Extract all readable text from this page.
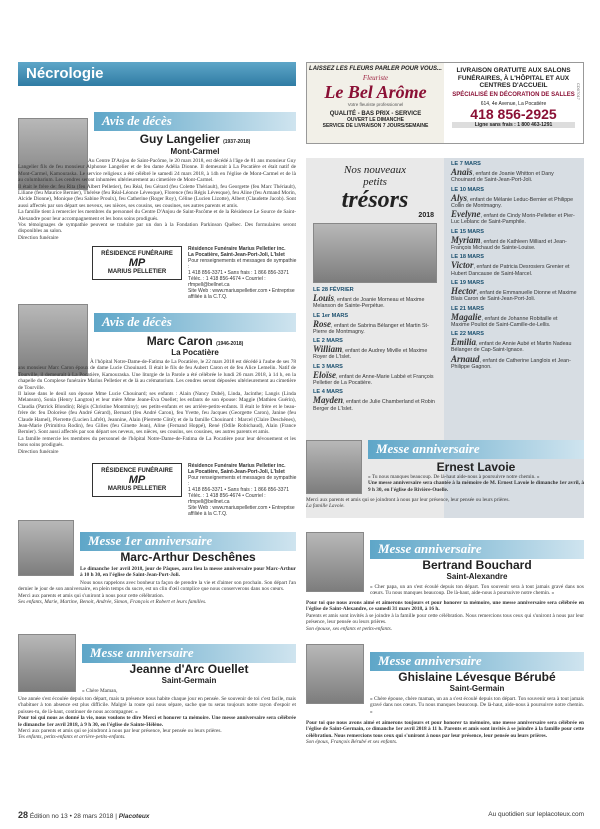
Nécrologie	LAISSEZ LES FLEURS PARLER POUR VOUS...
Fleuriste
Le Bel Arôme
Votre fleuriste professionnel
QUALITÉ - BAS PRIX - SERVICE
OUVERT LE DIMANCHE
SERVICE DE LIVRAISON 7 JOURS/SEMAINE
LIVRAISON GRATUITE AUX SALONS FUNÉRAIRES, À L'HÔPITAL ET AUX CENTRES D'ACCUEIL
SPÉCIALISÉ EN DÉCORATION DE SALLES
614, 4e Avenue, La Pocatière
418 856-2925
Ligne sans frais : 1 800 463-1291
CD07017
Avis de décès
Guy Langelier (1937-2018)
Mont-Carmel

Au Centre D'Anjou de Saint-Pacôme, le 20 mars 2018, est décédé à l'âge de 81 ans monsieur Guy Langelier fils de feu monsieur Alphonse Langelier et de feu dame Adélia Dionne. Il demeurait à La Pocatière et était natif de Mont-Carmel, Kamouraska. Le service religieux a été célébré le samedi 24 mars 2018, à 14h en l'église de Mont-Carmel et de là au columbarium. Les cendres seront inhumées ultérieurement au cimetière de Mont-Carmel.

Il était le frère de: feu Rita (feu Albert Pelletier), feu Réal, feu Gérard (feu Colette Thériault), feu Georgette (feu Marc Thériault), Liliane (feu Maurice Bernier), Thérèse (feu Réal-Léonce Lévesque), Florence (feu Régis Lévesque), feu Aline (feu Armand Morin, Alcide Dionne), Monique (feu Sabine Proulx), feu Catherine (Roger Roy), Céline (Lucien Lizotte), Albert (Claudette Jacob). Sont aussi affectés par son départ ses neveux, ses nièces, ses cousins, ses cousines, ses autres parents et amis.

La famille tient à remercier les membres du personnel du Centre D'Anjou de Saint-Pacôme et de la Résidence Le Source de Saint-Alexandre pour leur accompagnement et les bons soins prodigués.

Vos témoignages de sympathie peuvent se traduire par un don à la Fondation Parkinson Québec. Des formulaires seront disponibles au salon.

Direction funéraire

RÉSIDENCE FUNÉRAIRE
MP
MARIUS PELLETIER
Résidence Funéraire Marius Pelletier inc.
La Pocatière, Saint-Jean-Port-Joli, L'Islet
Pour renseignements et messages de sympathie :
1 418 856-3371 • Sans frais : 1 866 856-3371
Téléc. : 1 418 856-4674 • Courriel : rfmpell@bellnet.ca
Site Web : www.mariuspelletier.com • Entreprise affiliée à la C.T.Q.
Avis de décès
Marc Caron (1946-2018)
La Pocatière

À l'hôpital Notre-Dame-de-Fatima de La Pocatière, le 22 mars 2018 est décédé à l'aube de ses 78 ans monsieur Marc Caron époux de dame Lucie Chouinard. Il était le fils de feu Aubert Caron et de feu Alice Lemelin. Natif de Tourville, il demeurait à La Pocatière, Kamouraska. Une liturgie de la Parole a été célébrée le lundi 26 mars 2018, à 14 h, en la chapelle du Complexe funéraire Marius Pelletier et de là au crématorium. Les cendres seront déposées ultérieurement au cimetière de Tourville.

Il laisse dans le deuil son épouse Mme Lucie Chouinard; ses enfants : Alain (Nancy Dubé), Linda, Jacinthe; Langis (Linda Melanson), Sonia (Henry Langton) et leur mère Mme Jeane-Eva Ouellet; les enfants de son épouse: Maggie (Mathieu Guérin), Claudia (Patrick Blondin); Régis (Christine Montminy); ses petits-enfants et ses arrière-petits-enfants. Il était le frère et le beau-frère de: feu Dolorèse (feu André Gérard), Bernard (feu André Caron), feu Yvette, feu Jacques (Georgette Caron), Janine (feu Claude Hamel), Pierrette (Lucien Lafrêt), Jeannine, Alain (Pierrette Côté); et de la famille Chouinard : Marcel (Claire Deschênes), Jean-Marie (Primitiva Rodin), feu Gilles (feu Ginette Jean), Aline (Fernand Hoppé), René (Odile Robichaud), Alain (France Bernier). Sont aussi affectés par son départ ses neveux, ses nièces, ses cousins, ses cousines, ses autres parents et amis.

La famille remercie les membres du personnel de l'hôpital Notre-Dame-de-Fatima de La Pocatière pour leur dévouement et les bons soins prodigués.

Direction funéraire

RÉSIDENCE FUNÉRAIRE
MP
MARIUS PELLETIER
Résidence Funéraire Marius Pelletier inc.
La Pocatière, Saint-Jean-Port-Joli, L'Islet
Pour renseignements et messages de sympathie :
1 418 856-3371 • Sans frais : 1 866 856-3371
Téléc. : 1 418 856-4674 • Courriel : rfmpell@bellnet.ca
Site Web : www.mariuspelletier.com • Entreprise affiliée à la C.T.Q.
Nos nouveaux
petits
trésors
2018
LE 28 FÉVRIER
Louis, enfant de Joanie Morneau et Maxime Melanson de Sainte-Perpétue.
LE 1er MARS
Rose, enfant de Sabrina Bélanger et Martin St-Pierre de Montmagny.
LE 2 MARS
William, enfant de Audrey Miville et Maxime Royer de L'Islet.
LE 3 MARS
Eloïse, enfant de Anne-Marie Labbé et François Pelletier de La Pocatière.
LE 4 MARS
Mayden, enfant de Julie Chamberland et Robin Berger de L'Islet.
LE 7 MARS
Anaïs, enfant de Joanie Whitton et Dany Chouinard de Saint-Jean-Port-Joli.
LE 10 MARS
Alys, enfant de Mélanie Leduc-Bernier et Philippe Collin de Montmagny.
Evelyne, enfant de Cindy Morin-Pelletier et Pier-Luc Leblanc de Saint-Pamphile.
LE 15 MARS
Myriam, enfant de Kathleen Milliard et Jean-François Michaud de Sainte-Louise.
LE 18 MARS
Victor, enfant de Patricia Desrosiers Grenier et Hubert Dancause de Saint-Marcel.
LE 19 MARS
Hector, enfant de Emmanuelle Dionne et Maxime Blais Caron de Saint-Jean-Port-Joli.
LE 21 MARS
Magalie, enfant de Johanne Robitaille et Maxime Pouliot de Saint-Camille-de-Lellis.
LE 22 MARS
Emilia, enfant de Annie Aubé et Martin Nadeau Bélanger de Cap-Saint-Ignace.
Arnaud, enfant de Catherine Langlois et Jean-Philippe Gagnon.
Messe anniversaire
Ernest Lavoie

« Tu nous manques beaucoup. De là-haut aide-nous à poursuivre notre chemin. »

Une messe anniversaire sera chantée à la mémoire de M. Ernest Lavoie le dimanche 1er avril, à 9 h 30, en l'église de Rivière-Ouelle.

Merci aux parents et amis qui se joindront à nous par leur présence, leur pensée ou leurs prières.

La famille Lavoie.

Messe 1er anniversaire
Marc-Arthur Deschênes
Le dimanche 1er avril 2018, jour de Pâques, aura lieu la messe anniversaire pour Marc-Arthur à 10 h 30, en l'église de Saint-Jean-Port-Joli.

Nous nous rappelons avec bonheur ta façon de prendre la vie et d'aimer son prochain. Son départ l'an dernier le jour de son anniversaire, en plein temps du sucre, est un clin d'œil complice que nous conserverons dans nos cœurs.

Merci aux parents et amis qui s'uniront à nous pour cette célébration.

Ses enfants, Marie, Martine, Benoit, Andrée, Simon, François et Robert et leurs familles.

Messe anniversaire
Bertrand Bouchard
Saint-Alexandre
« Cher papa, un an s'est écoulé depuis ton départ. Ton souvenir sera à tout jamais gravé dans nos cœurs. Tu nous manques beaucoup. De là-haut, aide-nous à poursuivre notre chemin. »

Pour toi que nous avons aimé et aimerons toujours et pour honorer ta mémoire, une messe anniversaire sera célébrée en l'église de Saint-Alexandre, ce samedi 31 mars 2018, à 16 h.

Parents et amis sont invités à se joindre à la famille pour cette célébration. Nous remercions tous ceux qui s'uniront à nous par leur présence, leur pensée ou leurs prières.

Son épouse, ses enfants et petits-enfants.

Messe anniversaire
Jeanne d'Arc Ouellet
Saint-Germain
« Chère Maman,

Une année s'est écoulée depuis ton départ, mais ta présence nous habite chaque jour en pensée. Se souvenir de toi c'est facile, mais s'habituer à ton absence est plus difficile. Malgré la route qui nous sépare, sache que tu seras toujours notre rayon d'espoir et puisses-tu, de là-haut, continuer de nous accompagner. »

Pour toi qui nous as donné la vie, nous voulons te dire Merci et honorer ta mémoire. Une messe anniversaire sera célébrée le dimanche 1er avril 2018, à 9 h 30, en l'église de Sainte-Hélène.

Merci aux parents et amis qui se joindront à nous par leur présence, leur pensée ou leurs prières.

Tes enfants, petits-enfants et arrière-petits-enfants.

Messe anniversaire
Ghislaine Lévesque Bérubé
Saint-Germain
« Chère épouse, chère maman, un an a s'est écoulé depuis ton départ. Ton souvenir sera à tout jamais gravé dans nos cœurs. Tu nous manques beaucoup. De là-haut, aide-nous à poursuivre notre chemin. »

Pour toi que nous avons aimé et aimerons toujours et pour honorer ta mémoire, une messe anniversaire sera célébrée en l'église de Saint-Germain, ce dimanche 1er avril 2018 à 11 h. Parents et amis sont invités à se joindre à la famille pour cette célébration. Nous remercions tous ceux qui s'uniront à nous par leur présence, leur pensée ou leurs prières.

Son époux, François Bérubé et ses enfants.

28 Édition no 13 • 28 mars 2018 | Placoteux	Au quotidien sur leplacoteux.com
